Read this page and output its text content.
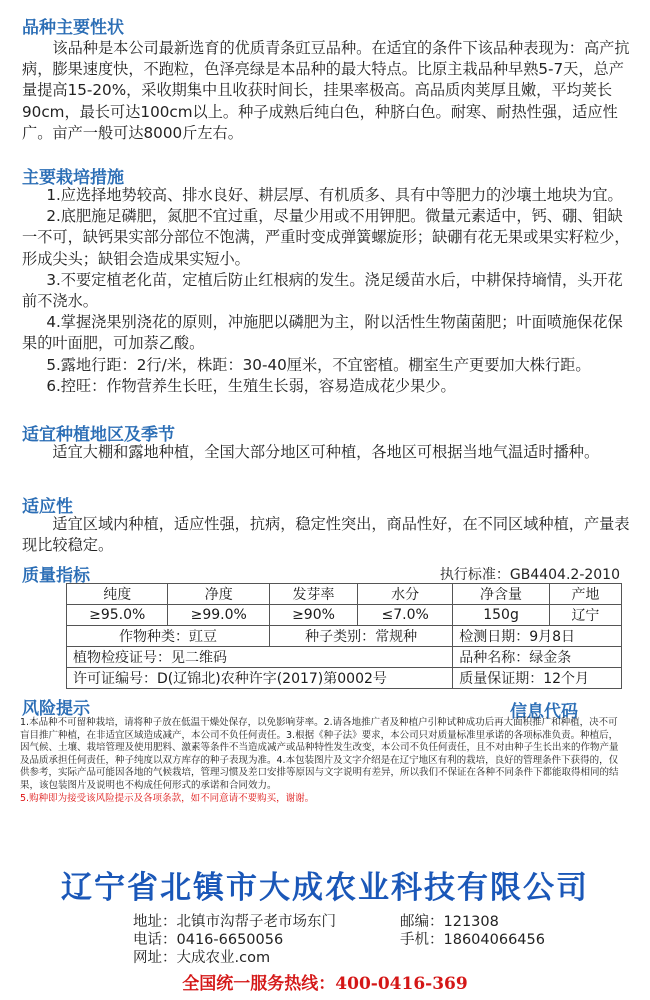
品种主要性状

该品种是本公司最新选育的优质青条豇豆品种。在适宜的条件下该品种表现为：高产抗病，膨果速度快，不跑粒，色泽亮绿是本品种的最大特点。比原主栽品种早熟5-7天，总产量提高15-20%，采收期集中且收获时间长，挂果率极高。高品质肉荚厚且嫩，平均荚长90cm，最长可达100cm以上。种子成熟后纯白色，种脐白色。耐寒、耐热性强，适应性广。亩产一般可达8000斤左右。

主要栽培措施

1.应选择地势较高、排水良好、耕层厚、有机质多、具有中等肥力的沙壤土地块为宜。

2.底肥施足磷肥，氮肥不宜过重，尽量少用或不用钾肥。微量元素适中，钙、硼、钼缺一不可，缺钙果实部分部位不饱满，严重时变成弹簧螺旋形；缺硼有花无果或果实籽粒少，形成尖头；缺钼会造成果实短小。

3.不要定植老化苗，定植后防止红根病的发生。浇足缓苗水后，中耕保持墒情，头开花前不浇水。

4.掌握浇果别浇花的原则，冲施肥以磷肥为主，附以活性生物菌菌肥；叶面喷施保花保果的叶面肥，可加萘乙酸。

5.露地行距：2行/米，株距：30-40厘米，不宜密植。棚室生产更要加大株行距。

6.控旺：作物营养生长旺，生殖生长弱，容易造成花少果少。

适宜种植地区及季节

适宜大棚和露地种植，全国大部分地区可种植，各地区可根据当地气温适时播种。

适应性

适宜区域内种植，适应性强，抗病，稳定性突出，商品性好，在不同区域种植，产量表现比较稳定。

质量指标	执行标准：GB4404.2-2010
纯度	净度	发芽率	水分	净含量	产地
≥95.0%	≥99.0%	≥90%	≤7.0%	150g	辽宁
作物种类：豇豆		种子类别：常规种		检测日期：9月8日	
植物检疫证号：见二维码				品种名称：绿金条	
许可证编号：D(辽锦北)农种许字(2017)第0002号				质量保证期：12个月	
风险提示	信息代码
1.本品种不可留种栽培，请将种子放在低温干燥处保存，以免影响芽率。2.请各地推广者及种植户引种试种成功后再大面积推广和种植，决不可盲目推广种植，在非适宜区域造成减产，本公司不负任何责任。3.根据《种子法》要求，本公司只对质量标准里承诺的各项标准负责。种植后，因气候、土壤、栽培管理及使用肥料、激素等条件不当造成减产或品种特性发生改变，本公司不负任何责任，且不对由种子生长出来的作物产量及品质承担任何责任，种子纯度以双方库存的种子表现为准。4.本包装图片及文字介绍是在辽宁地区有利的栽培，良好的管理条件下获得的，仅供参考，实际产品可能因各地的气候栽培，管理习惯及差口安排等原因与文字说明有差异，所以我们不保证在各种不同条件下都能取得相同的结果，该包装图片及说明也不构成任何形式的承诺和合同效力。
5.购种即为接受该风险提示及各项条款，如不同意请不要购买，谢谢。
辽宁省北镇市大成农业科技有限公司
地址：北镇市沟帮子老市场东门	邮编：121308
电话：0416-6650056	手机：18604066456
网址：大成农业.com
全国统一服务热线：400-0416-369
